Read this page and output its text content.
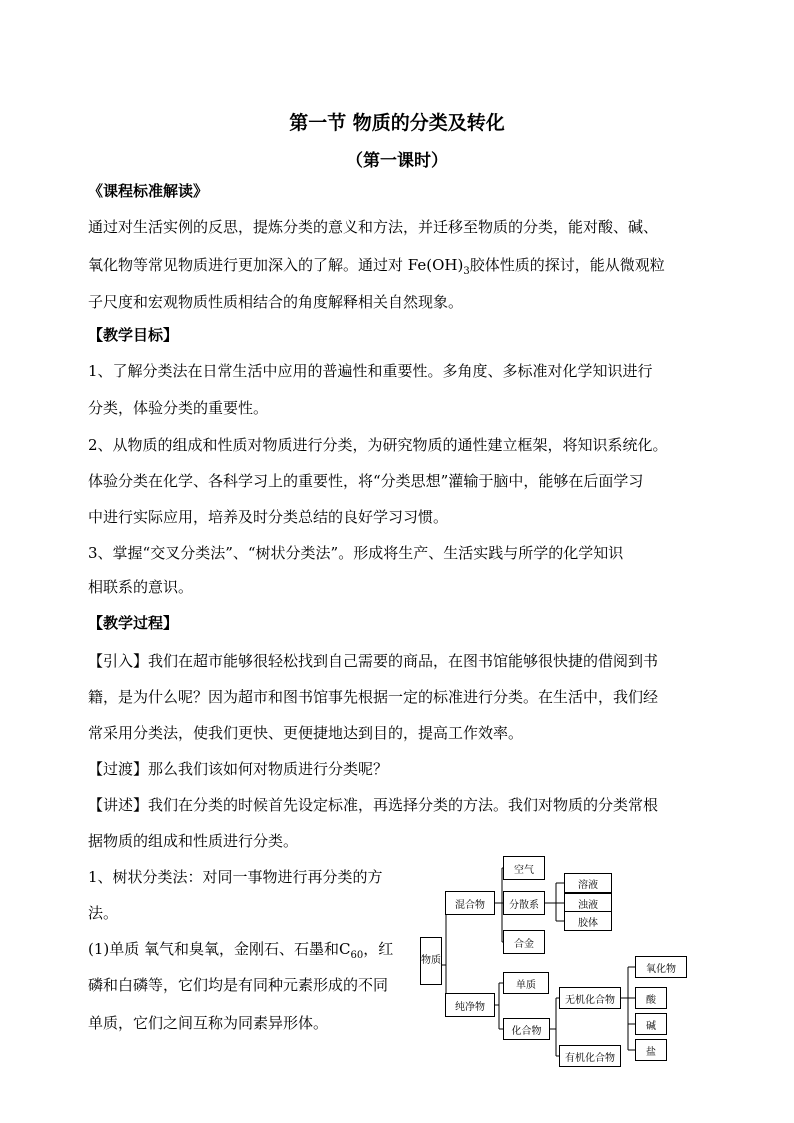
第一节 物质的分类及转化
（第一课时）
《课程标准解读》
通过对生活实例的反思，提炼分类的意义和方法，并迁移至物质的分类，能对酸、碱、
氧化物等常见物质进行更加深入的了解。通过对 $Fe(OH)_3$胶体性质的探讨，能从微观粒
子尺度和宏观物质性质相结合的角度解释相关自然现象。
【教学目标】
1、了解分类法在日常生活中应用的普遍性和重要性。多角度、多标准对化学知识进行
分类，体验分类的重要性。
2、从物质的组成和性质对物质进行分类，为研究物质的通性建立框架，将知识系统化。
体验分类在化学、各科学习上的重要性，将“分类思想”灌输于脑中，能够在后面学习
中进行实际应用，培养及时分类总结的良好学习习惯。
3、掌握“交叉分类法”、“树状分类法”。形成将生产、生活实践与所学的化学知识
相联系的意识。
【教学过程】
【引入】我们在超市能够很轻松找到自己需要的商品，在图书馆能够很快捷的借阅到书
籍，是为什么呢？因为超市和图书馆事先根据一定的标准进行分类。在生活中，我们经
常采用分类法，使我们更快、更便捷地达到目的，提高工作效率。
【过渡】那么我们该如何对物质进行分类呢？
【讲述】我们在分类的时候首先设定标准，再选择分类的方法。我们对物质的分类常根
据物质的组成和性质进行分类。
1、树状分类法：对同一事物进行再分类的方
法。
(1)单质 氧气和臭氧，金刚石、石墨和$C_{60}$，红
磷和白磷等，它们均是有同种元素形成的不同
单质，它们之间互称为同素异形体。
物质
混合物
纯净物
空气
分散系
合金
溶液
浊液
胶体
单质
化合物
无机化合物
有机化合物
氧化物
酸
碱
盐
